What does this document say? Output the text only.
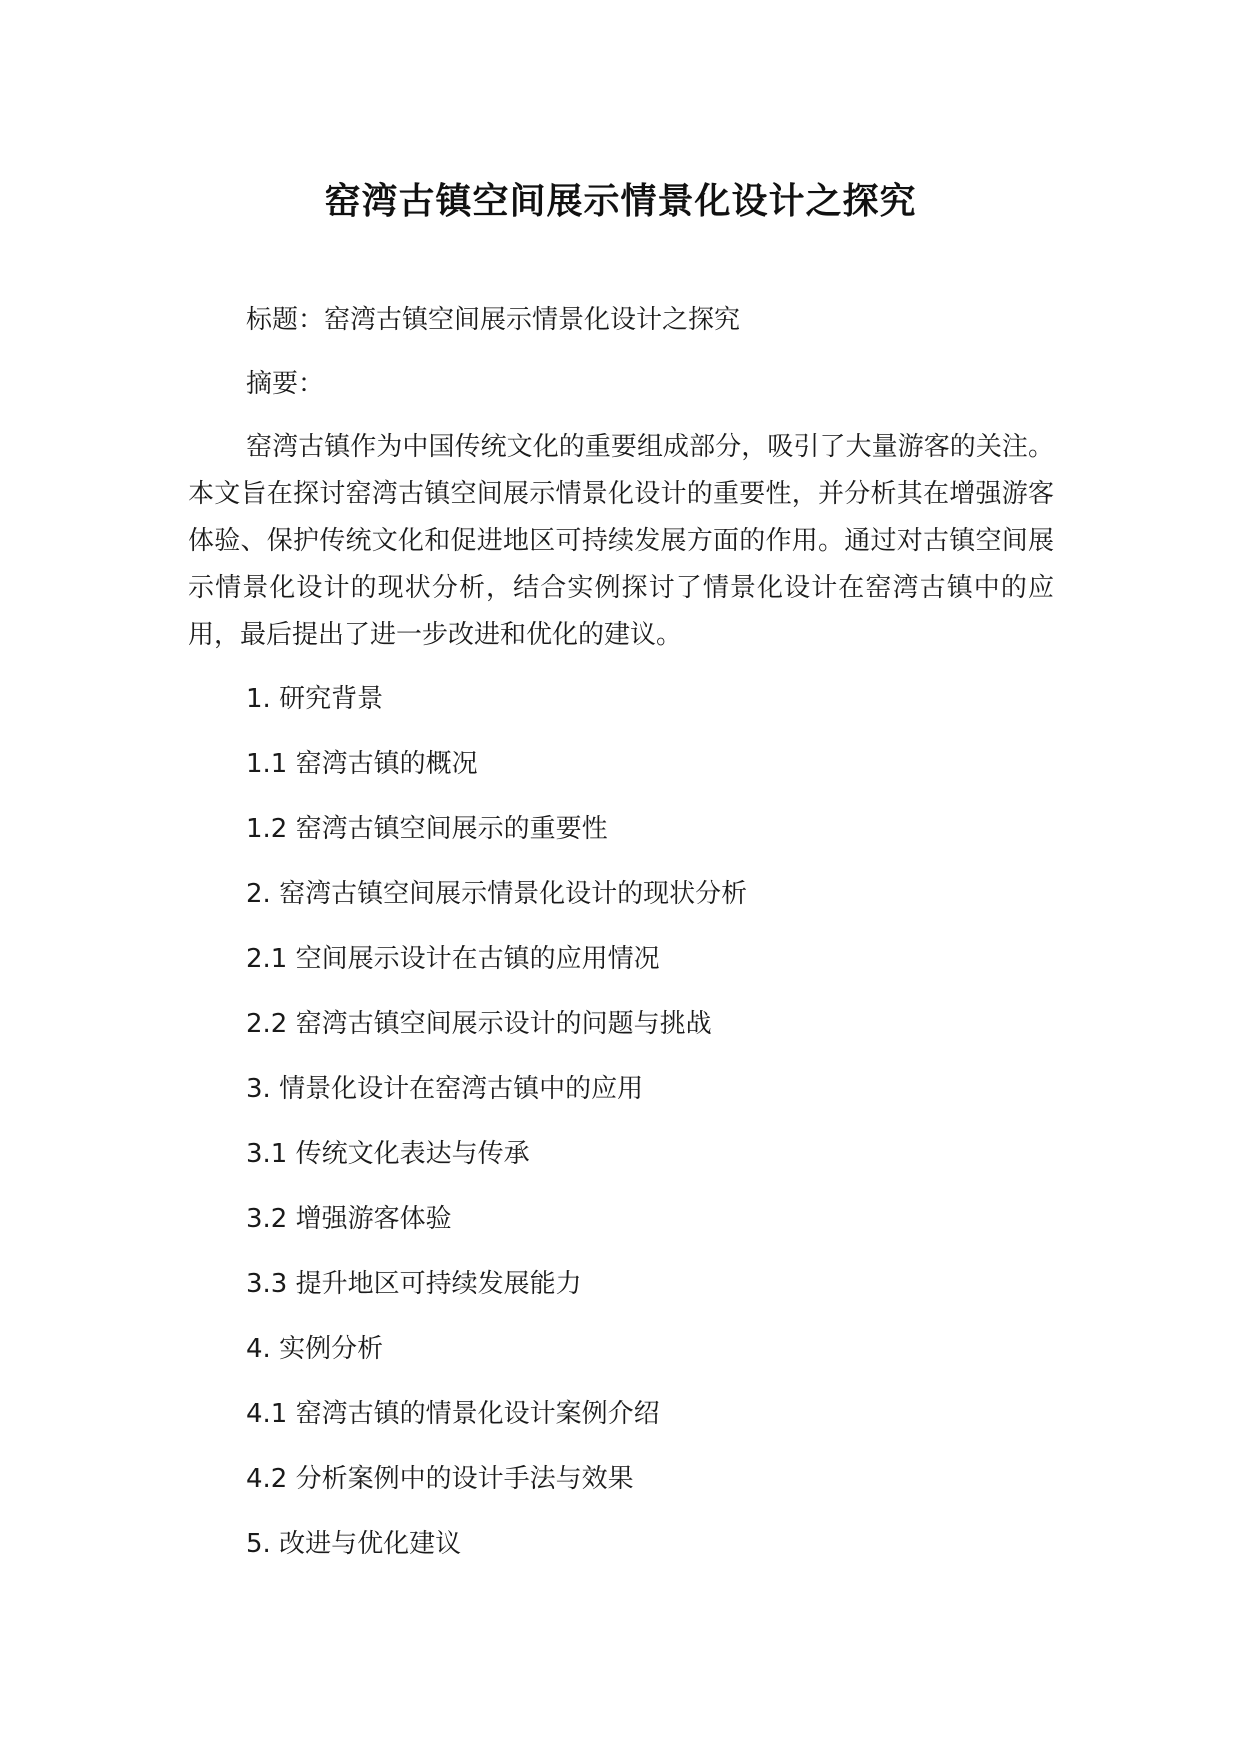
窑湾古镇空间展示情景化设计之探究

标题：窑湾古镇空间展示情景化设计之探究

摘要：

窑湾古镇作为中国传统文化的重要组成部分，吸引了大量游客的关注。本文旨在探讨窑湾古镇空间展示情景化设计的重要性，并分析其在增强游客体验、保护传统文化和促进地区可持续发展方面的作用。通过对古镇空间展示情景化设计的现状分析，结合实例探讨了情景化设计在窑湾古镇中的应用，最后提出了进一步改进和优化的建议。

1. 研究背景
1.1 窑湾古镇的概况
1.2 窑湾古镇空间展示的重要性
2. 窑湾古镇空间展示情景化设计的现状分析
2.1 空间展示设计在古镇的应用情况
2.2 窑湾古镇空间展示设计的问题与挑战
3. 情景化设计在窑湾古镇中的应用
3.1 传统文化表达与传承
3.2 增强游客体验
3.3 提升地区可持续发展能力
4. 实例分析
4.1 窑湾古镇的情景化设计案例介绍
4.2 分析案例中的设计手法与效果
5. 改进与优化建议
